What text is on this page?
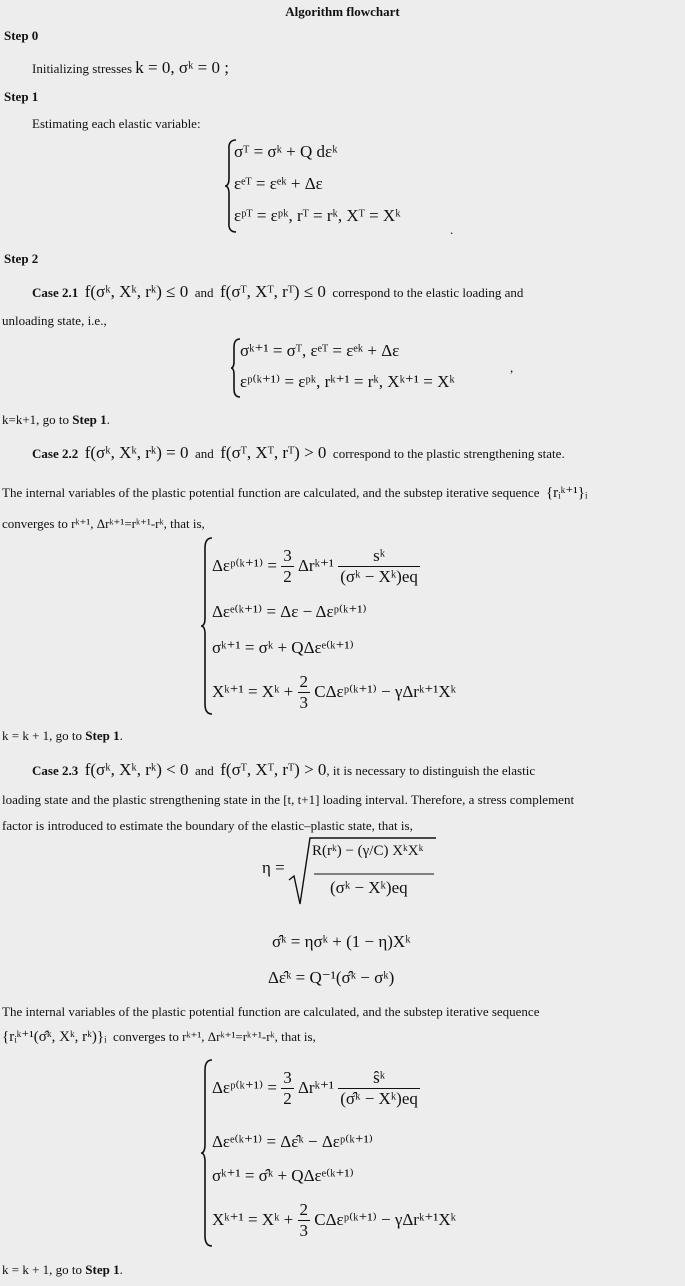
Algorithm flowchart
Step 0
Initializing stresses k = 0, σᵏ = 0 ;
Step 1
Estimating each elastic variable:
σᵀ = σᵏ + Q dεᵏ
εᵉᵀ = εᵉᵏ + Δε
εᵖᵀ = εᵖᵏ, rᵀ = rᵏ, Xᵀ = Xᵏ
.
Step 2
Case 2.1 f(σᵏ, Xᵏ, rᵏ) ≤ 0 and f(σᵀ, Xᵀ, rᵀ) ≤ 0 correspond to the elastic loading and
unloading state, i.e.,
σᵏ⁺¹ = σᵀ, εᵉᵀ = εᵉᵏ + Δε
εᵖ⁽ᵏ⁺¹⁾ = εᵖᵏ, rᵏ⁺¹ = rᵏ, Xᵏ⁺¹ = Xᵏ
,
k=k+1, go to Step 1.
Case 2.2 f(σᵏ, Xᵏ, rᵏ) = 0 and f(σᵀ, Xᵀ, rᵀ) > 0 correspond to the plastic strengthening state.
The internal variables of the plastic potential function are calculated, and the substep iterative sequence {rᵢᵏ⁺¹}ᵢ
converges to rᵏ⁺¹, Δrᵏ⁺¹=rᵏ⁺¹-rᵏ, that is,
Δεᵖ⁽ᵏ⁺¹⁾ = $\frac{3}{2}$ Δrᵏ⁺¹ $\frac{\text{sᵏ}}{\text{(σᵏ − Xᵏ)eq}}$
Δεᵉ⁽ᵏ⁺¹⁾ = Δε − Δεᵖ⁽ᵏ⁺¹⁾
σᵏ⁺¹ = σᵏ + QΔεᵉ⁽ᵏ⁺¹⁾
Xᵏ⁺¹ = Xᵏ + $\frac{2}{3}$ CΔεᵖ⁽ᵏ⁺¹⁾ − γΔrᵏ⁺¹Xᵏ
k = k + 1, go to Step 1.
Case 2.3 f(σᵏ, Xᵏ, rᵏ) < 0 and f(σᵀ, Xᵀ, rᵀ) > 0, it is necessary to distinguish the elastic
loading state and the plastic strengthening state in the [t, t+1] loading interval. Therefore, a stress complement
factor is introduced to estimate the boundary of the elastic–plastic state, that is,
η =
R(rᵏ) − (γ/C) XᵏXᵏ
(σᵏ − Xᵏ)eq
σ̂ᵏ = ησᵏ + (1 − η)Xᵏ
Δε̂ᵏ = Q⁻¹(σ̂ᵏ − σᵏ)
The internal variables of the plastic potential function are calculated, and the substep iterative sequence
{rᵢᵏ⁺¹(σ̂ᵏ, Xᵏ, rᵏ)}ᵢ converges to rᵏ⁺¹, Δrᵏ⁺¹=rᵏ⁺¹-rᵏ, that is,
Δεᵖ⁽ᵏ⁺¹⁾ = $\frac{3}{2}$ Δrᵏ⁺¹ $\frac{\text{ŝᵏ}}{\text{(σ̂ᵏ − Xᵏ)eq}}$
Δεᵉ⁽ᵏ⁺¹⁾ = Δε̂ᵏ − Δεᵖ⁽ᵏ⁺¹⁾
σᵏ⁺¹ = σ̂ᵏ + QΔεᵉ⁽ᵏ⁺¹⁾
Xᵏ⁺¹ = Xᵏ + $\frac{2}{3}$ CΔεᵖ⁽ᵏ⁺¹⁾ − γΔrᵏ⁺¹Xᵏ
k = k + 1, go to Step 1.
